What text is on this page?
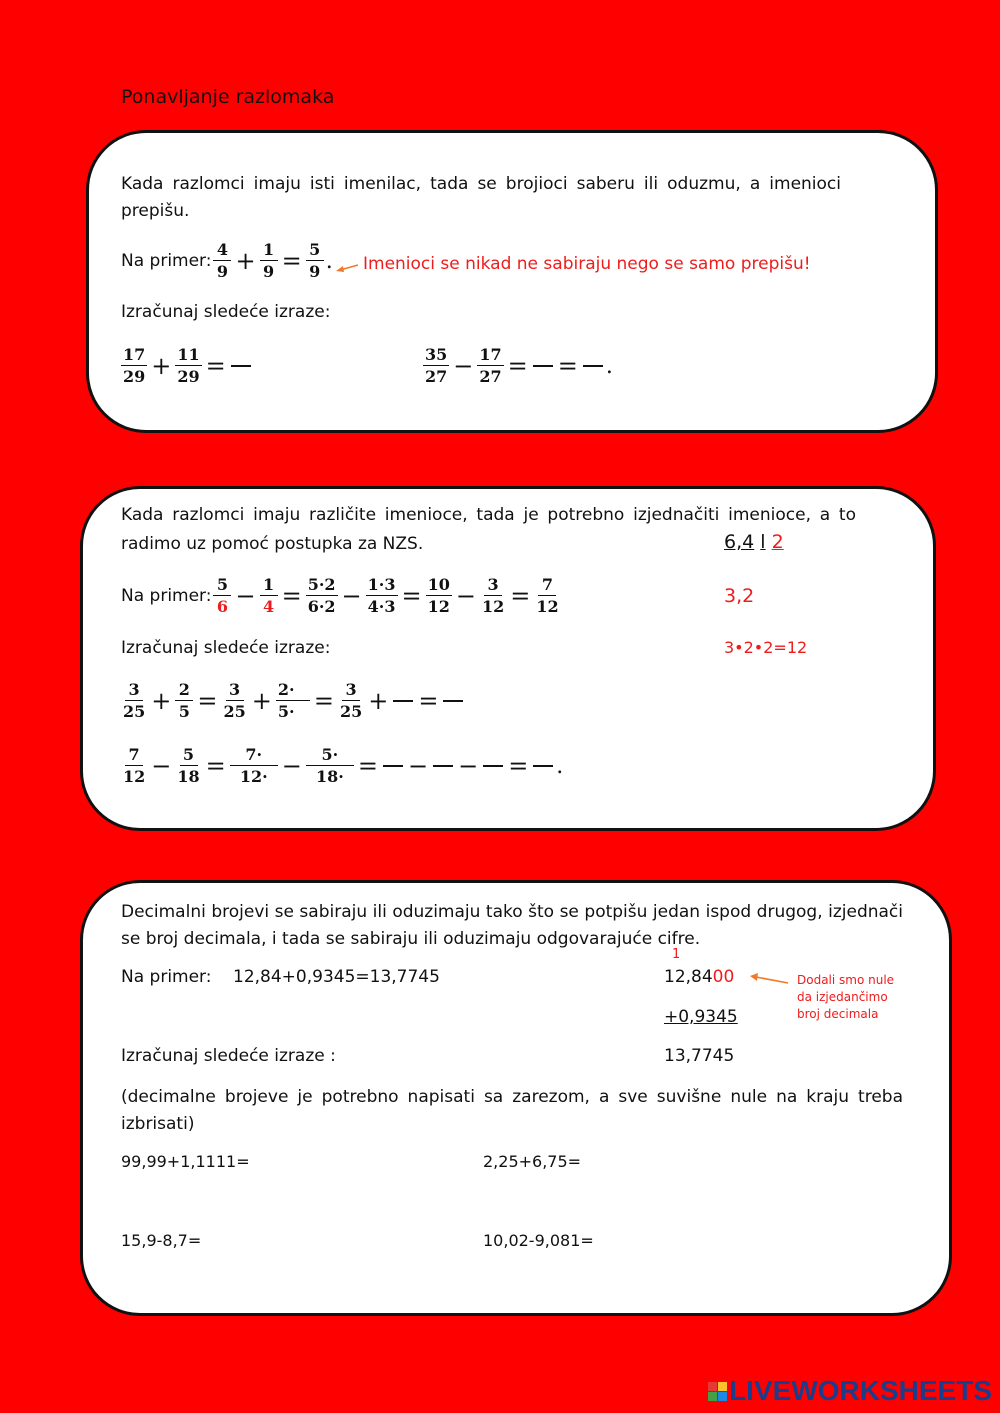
Ponavljanje razlomaka
Kada razlomci imaju isti imenilac, tada se brojioci saberu ili oduzmu, a imenioci prepišu.
Na primer: $\frac{4}{9} + \frac{1}{9} = \frac{5}{9}$ . Imenioci se nikad ne sabiraju nego se samo prepišu!
Izračunaj sledeće izraze:
$\frac{17}{29} + \frac{11}{29}$ =	$\frac{35}{27} - \frac{17}{27}$ = = .
Kada razlomci imaju različite imenioce, tada je potrebno izjednačiti imenioce, a to radimo uz pomoć postupka za NZS.	6,4 l 2
Na primer: $\frac{5}{6} - \frac{1}{4} = \frac{5\cdot 2}{6\cdot 2} - \frac{1\cdot 3}{4\cdot 3} = \frac{10}{12} - \frac{3}{12} = \frac{7}{12}$	3,2
Izračunaj sledeće izraze:	3•2•2=12
$\frac{3}{25} + \frac{2}{5} = \frac{3}{25} + \frac{2\cdot}{5\cdot} = \frac{3}{25}$ + =
$\frac{7}{12} - \frac{5}{18} = \frac{7\cdot}{12\cdot} - \frac{5\cdot}{18\cdot}$ = − − = .
Decimalni brojevi se sabiraju ili oduzimaju tako što se potpišu jedan ispod drugog, izjednači se broj decimala, i tada se sabiraju ili oduzimaju odgovarajuće cifre.
1
Na primer: 12,84+0,9345=13,7745	12,8400	Dodali smo nule
da izjedančimo
broj decimala
+0,9345
Izračunaj sledeće izraze :	13,7745
(decimalne brojeve je potrebno napisati sa zarezom, a sve suvišne nule na kraju treba izbrisati)
99,99+1,1111=	2,25+6,75=
15,9-8,7=	10,02-9,081=
LIVEWORKSHEETS
